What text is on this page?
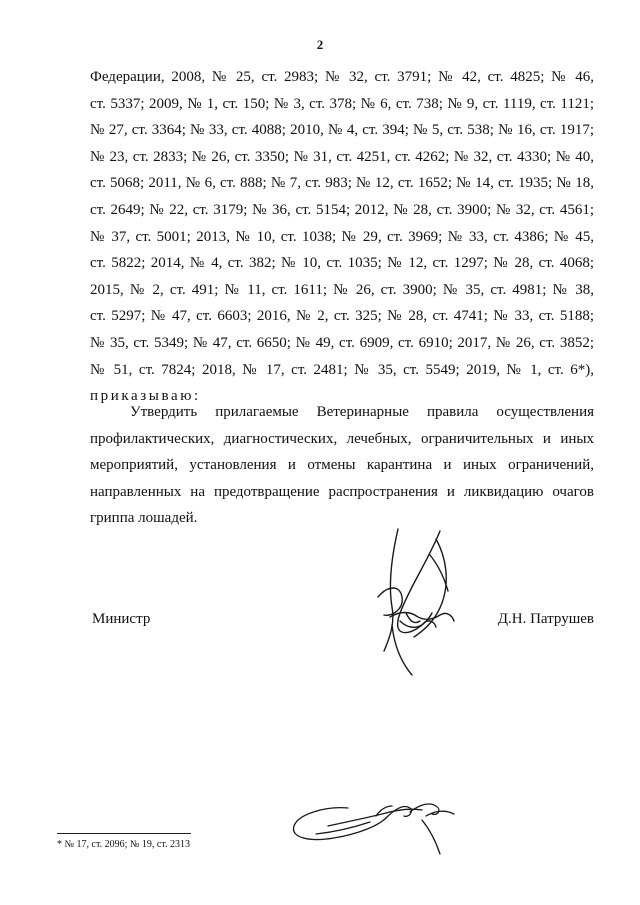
2
Федерации, 2008, № 25, ст. 2983; № 32, ст. 3791; № 42, ст. 4825; № 46,
ст. 5337; 2009, № 1, ст. 150; № 3, ст. 378; № 6, ст. 738; № 9, ст. 1119, ст. 1121;
№ 27, ст. 3364; № 33, ст. 4088; 2010, № 4, ст. 394; № 5, ст. 538; № 16, ст. 1917;
№ 23, ст. 2833; № 26, ст. 3350; № 31, ст. 4251, ст. 4262; № 32, ст. 4330; № 40,
ст. 5068; 2011, № 6, ст. 888; № 7, ст. 983; № 12, ст. 1652; № 14, ст. 1935; № 18,
ст. 2649; № 22, ст. 3179; № 36, ст. 5154; 2012, № 28, ст. 3900; № 32, ст. 4561;
№ 37, ст. 5001; 2013, № 10, ст. 1038; № 29, ст. 3969; № 33, ст. 4386; № 45,
ст. 5822; 2014, № 4, ст. 382; № 10, ст. 1035; № 12, ст. 1297; № 28, ст. 4068;
2015, № 2, ст. 491; № 11, ст. 1611; № 26, ст. 3900; № 35, ст. 4981; № 38,
ст. 5297; № 47, ст. 6603; 2016, № 2, ст. 325; № 28, ст. 4741; № 33, ст. 5188;
№ 35, ст. 5349; № 47, ст. 6650; № 49, ст. 6909, ст. 6910; 2017, № 26, ст. 3852;
№ 51, ст. 7824; 2018, № 17, ст. 2481; № 35, ст. 5549; 2019, № 1, ст. 6*),
приказываю:
Утвердить прилагаемые Ветеринарные правила осуществления
профилактических, диагностических, лечебных, ограничительных и иных
мероприятий, установления и отмены карантина и иных ограничений,
направленных на предотвращение распространения и ликвидацию очагов
гриппа лошадей.
Министр	Д.Н. Патрушев
* № 17, ст. 2096; № 19, ст. 2313
